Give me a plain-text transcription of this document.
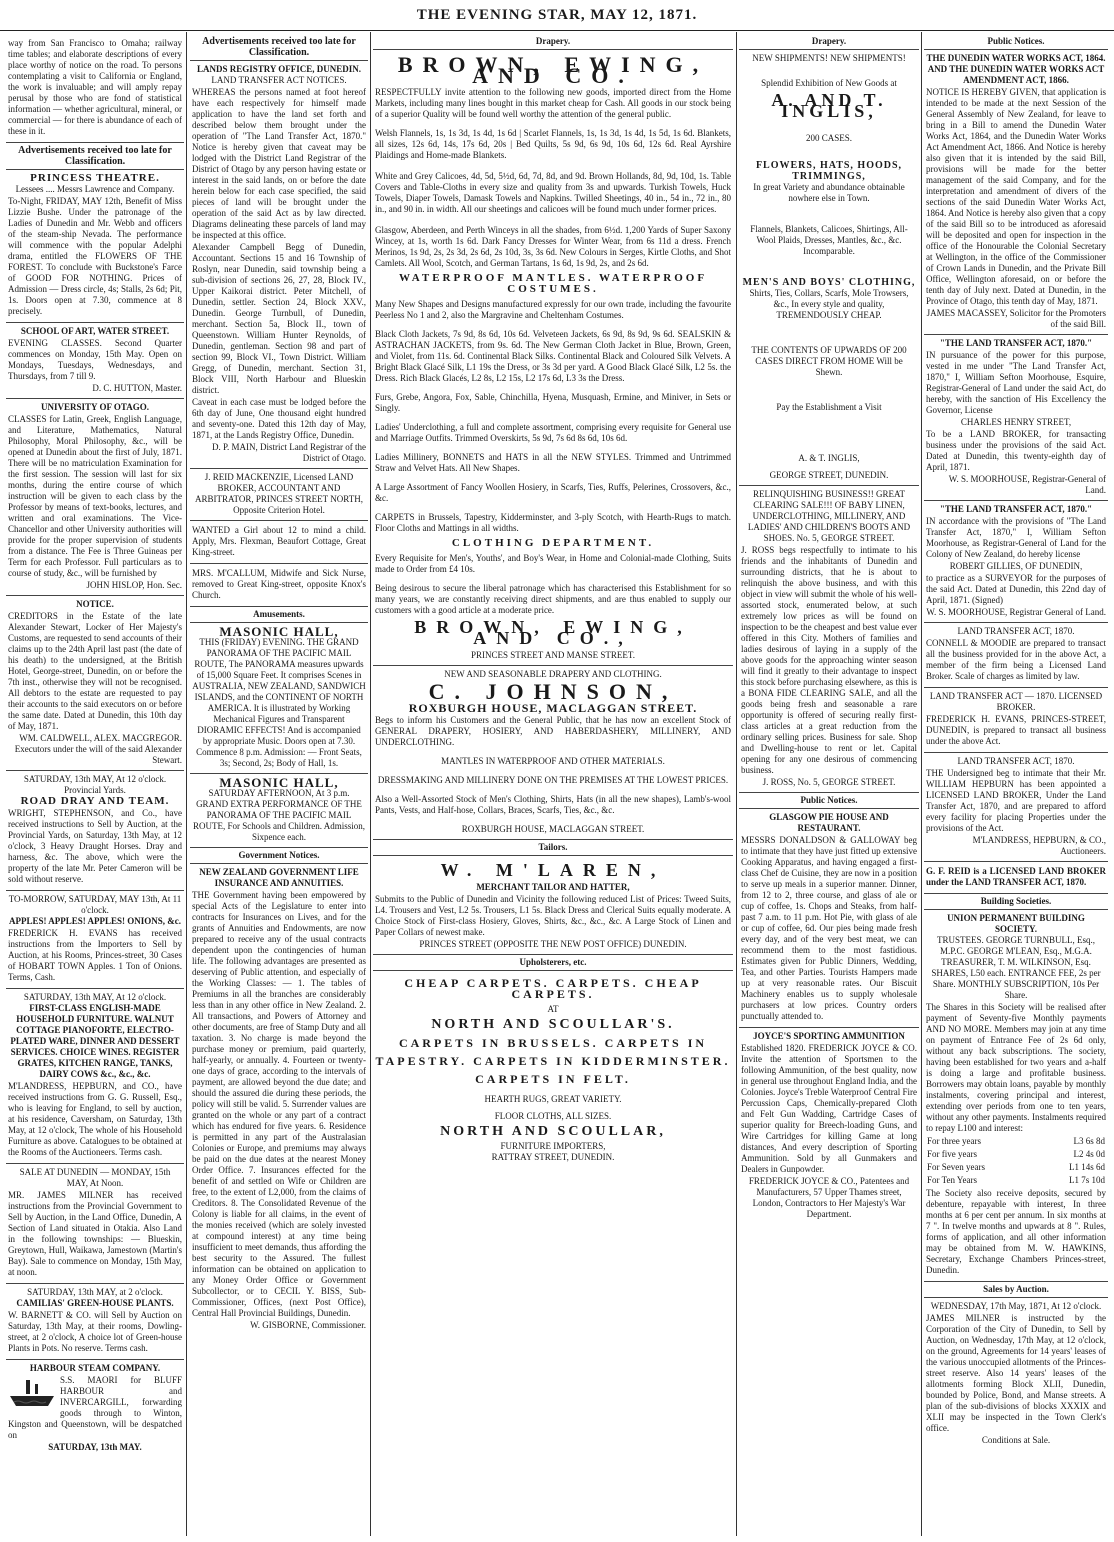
THE EVENING STAR, MAY 12, 1871.
way from San Francisco to Omaha; railway time tables; and elaborate descriptions of every place worthy of notice on the road. To persons contemplating a visit to California or England, the work is invaluable; and will amply repay perusal by those who are fond of statistical information — whether agricultural, mineral, or commercial — for there is abundance of each of these in it.
Advertisements received too late for Classification.
PRINCESS THEATRE.
Lessees .... Messrs Lawrence and Company.
To-Night, FRIDAY, MAY 12th, Benefit of Miss Lizzie Bushe. Under the patronage of the Ladies of Dunedin and Mr. Webb and officers of the steam-ship Nevada. The performance will commence with the popular Adelphi drama, entitled the FLOWERS OF THE FOREST. To conclude with Buckstone's Farce of GOOD FOR NOTHING. Prices of Admission — Dress circle, 4s; Stalls, 2s 6d; Pit, 1s. Doors open at 7.30, commence at 8 precisely.
SCHOOL OF ART, WATER STREET.
EVENING CLASSES. Second Quarter commences on Monday, 15th May. Open on Mondays, Tuesdays, Wednesdays, and Thursdays, from 7 till 9.
D. C. HUTTON, Master.
UNIVERSITY OF OTAGO.
CLASSES for Latin, Greek, English Language, and Literature, Mathematics, Natural Philosophy, Moral Philosophy, &c., will be opened at Dunedin about the first of July, 1871. There will be no matriculation Examination for the first session. The session will last for six months, during the entire course of which instruction will be given to each class by the Professor by means of text-books, lectures, and written and oral examinations. The Vice-Chancellor and other University authorities will provide for the proper supervision of students from a distance. The Fee is Three Guineas per Term for each Professor. Full particulars as to course of study, &c., will be furnished by
JOHN HISLOP, Hon. Sec.
NOTICE.
CREDITORS in the Estate of the late Alexander Stewart, Locker of Her Majesty's Customs, are requested to send accounts of their claims up to the 24th April last past (the date of his death) to the undersigned, at the British Hotel, George-street, Dunedin, on or before the 7th inst., otherwise they will not be recognised. All debtors to the estate are requested to pay their accounts to the said executors on or before the same date. Dated at Dunedin, this 10th day of May, 1871.
WM. CALDWELL, ALEX. MACGREGOR. Executors under the will of the said Alexander Stewart.
SATURDAY, 13th MAY, At 12 o'clock. Provincial Yards.
ROAD DRAY AND TEAM.
WRIGHT, STEPHENSON, and Co., have received instructions to Sell by Auction, at the Provincial Yards, on Saturday, 13th May, at 12 o'clock, 3 Heavy Draught Horses. Dray and harness, &c. The above, which were the property of the late Mr. Peter Cameron will be sold without reserve.
TO-MORROW, SATURDAY, MAY 13th, At 11 o'clock.
APPLES! APPLES! APPLES! ONIONS, &c.
FREDERICK H. EVANS has received instructions from the Importers to Sell by Auction, at his Rooms, Princes-street, 30 Cases of HOBART TOWN Apples. 1 Ton of Onions. Terms, Cash.
SATURDAY, 13th MAY, At 12 o'clock.
FIRST-CLASS ENGLISH-MADE HOUSEHOLD FURNITURE. WALNUT COTTAGE PIANOFORTE, ELECTRO-PLATED WARE, DINNER AND DESSERT SERVICES. CHOICE WINES. REGISTER GRATES, KITCHEN RANGE, TANKS, DAIRY COWS &c., &c., &c.
M'LANDRESS, HEPBURN, and CO., have received instructions from G. G. Russell, Esq., who is leaving for England, to sell by auction, at his residence, Caversham, on Saturday, 13th May, at 12 o'clock, The whole of his Household Furniture as above. Catalogues to be obtained at the Rooms of the Auctioneers. Terms cash.
SALE AT DUNEDIN — MONDAY, 15th MAY, At Noon.
MR. JAMES MILNER has received instructions from the Provincial Government to Sell by Auction, in the Land Office, Dunedin, A Section of Land situated in Otakia. Also Land in the following townships: — Blueskin, Greytown, Hull, Waikawa, Jamestown (Martin's Bay). Sale to commence on Monday, 15th May, at noon.
SATURDAY, 13th MAY, at 2 o'clock.
CAMILIAS' GREEN-HOUSE PLANTS.
W. BARNETT & CO. will Sell by Auction on Saturday, 13th May, at their rooms, Dowling-street, at 2 o'clock, A choice lot of Green-house Plants in Pots. No reserve. Terms cash.
HARBOUR STEAM COMPANY.
S.S. MAORI for BLUFF HARBOUR and INVERCARGILL, forwarding goods through to Winton, Kingston and Queenstown, will be despatched on
SATURDAY, 13th MAY.
Advertisements received too late for Classification.
LANDS REGISTRY OFFICE, DUNEDIN.
LAND TRANSFER ACT NOTICES.
WHEREAS the persons named at foot hereof have each respectively for himself made application to have the land set forth and described below them brought under the operation of "The Land Transfer Act, 1870." Notice is hereby given that caveat may be lodged with the District Land Registrar of the District of Otago by any person having estate or interest in the said lands, on or before the date herein below for each case specified, the said pieces of land will be brought under the operation of the said Act as by law directed. Diagrams delineating these parcels of land may be inspected at this office.
Alexander Campbell Begg of Dunedin, Accountant. Sections 15 and 16 Township of Roslyn, near Dunedin, said township being a sub-division of sections 26, 27, 28, Block IV., Upper Kaikorai district. Peter Mitchell, of Dunedin, settler. Section 24, Block XXV., Dunedin. George Turnbull, of Dunedin, merchant. Section 5a, Block II., town of Queenstown. William Hunter Reynolds, of Dunedin, gentleman. Section 98 and part of section 99, Block VI., Town District. William Gregg, of Dunedin, merchant. Section 31, Block VIII, North Harbour and Blueskin district.
Caveat in each case must be lodged before the 6th day of June, One thousand eight hundred and seventy-one. Dated this 12th day of May, 1871, at the Lands Registry Office, Dunedin.
D. P. MAIN, District Land Registrar of the District of Otago.
J. REID MACKENZIE, Licensed LAND BROKER, ACCOUNTANT AND ARBITRATOR, PRINCES STREET NORTH, Opposite Criterion Hotel.
WANTED a Girl about 12 to mind a child. Apply, Mrs. Flexman, Beaufort Cottage, Great King-street.
MRS. M'CALLUM, Midwife and Sick Nurse, removed to Great King-street, opposite Knox's Church.
Amusements.
MASONIC HALL,
THIS (FRIDAY) EVENING. THE GRAND PANORAMA OF THE PACIFIC MAIL ROUTE, The PANORAMA measures upwards of 15,000 Square Feet. It comprises Scenes in AUSTRALIA, NEW ZEALAND, SANDWICH ISLANDS, and the CONTINENT OF NORTH AMERICA. It is illustrated by Working Mechanical Figures and Transparent DIORAMIC EFFECTS! And is accompanied by appropriate Music. Doors open at 7.30. Commence 8 p.m. Admission: — Front Seats, 3s; Second, 2s; Body of Hall, 1s.
MASONIC HALL,
SATURDAY AFTERNOON, At 3 p.m. GRAND EXTRA PERFORMANCE OF THE PANORAMA OF THE PACIFIC MAIL ROUTE, For Schools and Children. Admission, Sixpence each.
Government Notices.
NEW ZEALAND GOVERNMENT LIFE INSURANCE AND ANNUITIES.
THE Government having been empowered by special Acts of the Legislature to enter into contracts for Insurances on Lives, and for the grants of Annuities and Endowments, are now prepared to receive any of the usual contracts dependent upon the contingencies of human life. The following advantages are presented as deserving of Public attention, and especially of the Working Classes: — 1. The tables of Premiums in all the branches are considerably less than in any other office in New Zealand. 2. All transactions, and Powers of Attorney and other documents, are free of Stamp Duty and all taxation. 3. No charge is made beyond the purchase money or premium, paid quarterly, half-yearly, or annually. 4. Fourteen or twenty-one days of grace, according to the intervals of payment, are allowed beyond the due date; and should the assured die during these periods, the policy will still be valid. 5. Surrender values are granted on the whole or any part of a contract which has endured for five years. 6. Residence is permitted in any part of the Australasian Colonies or Europe, and premiums may always be paid on the due dates at the nearest Money Order Office. 7. Insurances effected for the benefit of and settled on Wife or Children are free, to the extent of L2,000, from the claims of Creditors. 8. The Consolidated Revenue of the Colony is liable for all claims, in the event of the monies received (which are solely invested at compound interest) at any time being insufficient to meet demands, thus affording the best security to the Assured. The fullest information can be obtained on application to any Money Order Office or Government Subcollector, or to CECIL Y. BISS, Sub-Commissioner, Offices, (next Post Office), Central Hall Provincial Buildings, Dunedin.
W. GISBORNE, Commissioner.
Drapery.
BROWN, EWING, AND CO.
RESPECTFULLY invite attention to the following new goods, imported direct from the Home Markets, including many lines bought in this market cheap for Cash. All goods in our stock being of a superior Quality will be found well worthy the attention of the general public.
Welsh Flannels, 1s, 1s 3d, 1s 4d, 1s 6d | Scarlet Flannels, 1s, 1s 3d, 1s 4d, 1s 5d, 1s 6d. Blankets, all sizes, 12s 6d, 14s, 17s 6d, 20s | Bed Quilts, 5s 9d, 6s 9d, 10s 6d, 12s 6d. Real Ayrshire Plaidings and Home-made Blankets.
White and Grey Calicoes, 4d, 5d, 5½d, 6d, 7d, 8d, and 9d. Brown Hollands, 8d, 9d, 10d, 1s. Table Covers and Table-Cloths in every size and quality from 3s and upwards. Turkish Towels, Huck Towels, Diaper Towels, Damask Towels and Napkins. Twilled Sheetings, 40 in., 54 in., 72 in., 80 in., and 90 in. in width. All our sheetings and calicoes will be found much under former prices.
Glasgow, Aberdeen, and Perth Winceys in all the shades, from 6½d. 1,200 Yards of Super Saxony Wincey, at 1s, worth 1s 6d. Dark Fancy Dresses for Winter Wear, from 6s 11d a dress. French Merinos, 1s 9d, 2s, 2s 3d, 2s 6d, 2s 10d, 3s, 3s 6d. New Colours in Serges, Kirtle Cloths, and Shot Camlets. All Wool, Scotch, and German Tartans, 1s 6d, 1s 9d, 2s, and 2s 6d.
WATERPROOF MANTLES. WATERPROOF COSTUMES.
Many New Shapes and Designs manufactured expressly for our own trade, including the favourite Peerless No 1 and 2, also the Margravine and Cheltenham Costumes.
Black Cloth Jackets, 7s 9d, 8s 6d, 10s 6d. Velveteen Jackets, 6s 9d, 8s 9d, 9s 6d. SEALSKIN & ASTRACHAN JACKETS, from 9s. 6d. The New German Cloth Jacket in Blue, Brown, Green, and Violet, from 11s. 6d. Continental Black Silks. Continental Black and Coloured Silk Velvets. A Bright Black Glacé Silk, L1 19s the Dress, or 3s 3d per yard. A Good Black Glacé Silk, L2 5s. the Dress. Rich Black Glacés, L2 8s, L2 15s, L2 17s 6d, L3 3s the Dress.
Furs, Grebe, Angora, Fox, Sable, Chinchilla, Hyena, Musquash, Ermine, and Miniver, in Sets or Singly.
Ladies' Underclothing, a full and complete assortment, comprising every requisite for General use and Marriage Outfits. Trimmed Overskirts, 5s 9d, 7s 6d 8s 6d, 10s 6d.
Ladies Millinery, BONNETS and HATS in all the NEW STYLES. Trimmed and Untrimmed Straw and Velvet Hats. All New Shapes.
A Large Assortment of Fancy Woollen Hosiery, in Scarfs, Ties, Ruffs, Pelerines, Crossovers, &c., &c.
CARPETS in Brussels, Tapestry, Kidderminster, and 3-ply Scotch, with Hearth-Rugs to match. Floor Cloths and Mattings in all widths.
CLOTHING DEPARTMENT.
Every Requisite for Men's, Youths', and Boy's Wear, in Home and Colonial-made Clothing, Suits made to Order from £4 10s.
Being desirous to secure the liberal patronage which has characterised this Establishment for so many years, we are constantly receiving direct shipments, and are thus enabled to supply our customers with a good article at a moderate price.
BROWN, EWING, AND CO.,
PRINCES STREET AND MANSE STREET.
NEW AND SEASONABLE DRAPERY AND CLOTHING.
C. JOHNSON,
ROXBURGH HOUSE, MACLAGGAN STREET.
Begs to inform his Customers and the General Public, that he has now an excellent Stock of GENERAL DRAPERY, HOSIERY, AND HABERDASHERY, MILLINERY, AND UNDERCLOTHING.
MANTLES IN WATERPROOF AND OTHER MATERIALS.
DRESSMAKING AND MILLINERY DONE ON THE PREMISES AT THE LOWEST PRICES.
Also a Well-Assorted Stock of Men's Clothing, Shirts, Hats (in all the new shapes), Lamb's-wool Pants, Vests, and Half-hose, Collars, Braces, Scarfs, Ties, &c., &c.
ROXBURGH HOUSE, MACLAGGAN STREET.
Tailors.
W. M'LAREN,
MERCHANT TAILOR AND HATTER,
Submits to the Public of Dunedin and Vicinity the following reduced List of Prices: Tweed Suits, L4. Trousers and Vest, L2 5s. Trousers, L1 5s. Black Dress and Clerical Suits equally moderate. A Choice Stock of First-class Hosiery, Gloves, Shirts, &c., &c., &c. A Large Stock of Linen and Paper Collars of newest make.
PRINCES STREET (OPPOSITE THE NEW POST OFFICE) DUNEDIN.
Upholsterers, etc.
CHEAP CARPETS. CARPETS. CHEAP CARPETS.
AT
NORTH AND SCOULLAR'S.
CARPETS IN BRUSSELS. CARPETS IN TAPESTRY. CARPETS IN KIDDERMINSTER. CARPETS IN FELT.
HEARTH RUGS, GREAT VARIETY.
FLOOR CLOTHS, ALL SIZES.
NORTH AND SCOULLAR,
FURNITURE IMPORTERS,
RATTRAY STREET, DUNEDIN.
Drapery.
NEW SHIPMENTS! NEW SHIPMENTS!
Splendid Exhibition of New Goods at
A. AND T. INGLIS,
200 CASES.
FLOWERS, HATS, HOODS, TRIMMINGS,
In great Variety and abundance obtainable nowhere else in Town.
Flannels, Blankets, Calicoes, Shirtings, All-Wool Plaids, Dresses, Mantles, &c., &c. Incomparable.
MEN'S AND BOYS' CLOTHING,
Shirts, Ties, Collars, Scarfs, Mole Trowsers, &c., In every style and quality, TREMENDOUSLY CHEAP.
THE CONTENTS OF UPWARDS OF 200 CASES DIRECT FROM HOME Will be Shewn.
Pay the Establishment a Visit
A. & T. INGLIS,
GEORGE STREET, DUNEDIN.
RELINQUISHING BUSINESS!! GREAT CLEARING SALE!!! OF BABY LINEN, UNDERCLOTHING, MILLINERY, AND LADIES' AND CHILDREN'S BOOTS AND SHOES. No. 5, GEORGE STREET.
J. ROSS begs respectfully to intimate to his friends and the inhabitants of Dunedin and surrounding districts, that he is about to relinquish the above business, and with this object in view will submit the whole of his well-assorted stock, enumerated below, at such extremely low prices as will be found on inspection to be the cheapest and best value ever offered in this City. Mothers of families and ladies desirous of laying in a supply of the above goods for the approaching winter season will find it greatly to their advantage to inspect this stock before purchasing elsewhere, as this is a BONA FIDE CLEARING SALE, and all the goods being fresh and seasonable a rare opportunity is offered of securing really first-class articles at a great reduction from the ordinary selling prices. Business for sale. Shop and Dwelling-house to rent or let. Capital opening for any one desirous of commencing business.
J. ROSS, No. 5, GEORGE STREET.
Public Notices.
GLASGOW PIE HOUSE AND RESTAURANT.
MESSRS DONALDSON & GALLOWAY beg to intimate that they have just fitted up extensive Cooking Apparatus, and having engaged a first-class Chef de Cuisine, they are now in a position to serve up meals in a superior manner. Dinner, from 12 to 2, three course, and glass of ale or cup of coffee, 1s. Chops and Steaks, from half-past 7 a.m. to 11 p.m. Hot Pie, with glass of ale or cup of coffee, 6d. Our pies being made fresh every day, and of the very best meat, we can recommend them to the most fastidious. Estimates given for Public Dinners, Wedding, Tea, and other Parties. Tourists Hampers made up at very reasonable rates. Our Biscuit Machinery enables us to supply wholesale purchasers at low prices. Country orders punctually attended to.
JOYCE'S SPORTING AMMUNITION
Established 1820. FREDERICK JOYCE & CO. Invite the attention of Sportsmen to the following Ammunition, of the best quality, now in general use throughout England India, and the Colonies. Joyce's Treble Waterproof Central Fire Percussion Caps, Chemically-prepared Cloth and Felt Gun Wadding, Cartridge Cases of superior quality for Breech-loading Guns, and Wire Cartridges for killing Game at long distances, And every description of Sporting Ammunition. Sold by all Gunmakers and Dealers in Gunpowder.
FREDERICK JOYCE & CO., Patentees and Manufacturers, 57 Upper Thames street, London, Contractors to Her Majesty's War Department.
Public Notices.
THE DUNEDIN WATER WORKS ACT, 1864. AND THE DUNEDIN WATER WORKS ACT AMENDMENT ACT, 1866.
NOTICE IS HEREBY GIVEN, that application is intended to be made at the next Session of the General Assembly of New Zealand, for leave to bring in a Bill to amend the Dunedin Water Works Act, 1864, and the Dunedin Water Works Act Amendment Act, 1866. And Notice is hereby also given that it is intended by the said Bill, provisions will be made for the better management of the said Company, and for the interpretation and amendment of divers of the sections of the said Dunedin Water Works Act, 1864. And Notice is hereby also given that a copy of the said Bill so to be introduced as aforesaid will be deposited and open for inspection in the office of the Honourable the Colonial Secretary at Wellington, in the office of the Commissioner of Crown Lands in Dunedin, and the Private Bill Office, Wellington aforesaid, on or before the tenth day of July next. Dated at Dunedin, in the Province of Otago, this tenth day of May, 1871.
JAMES MACASSEY, Solicitor for the Promoters of the said Bill.
"THE LAND TRANSFER ACT, 1870."
IN pursuance of the power for this purpose, vested in me under "The Land Transfer Act, 1870," I, William Sefton Moorhouse, Esquire, Registrar-General of Land under the said Act, do hereby, with the sanction of His Excellency the Governor, License
CHARLES HENRY STREET,
To be a LAND BROKER, for transacting business under the provisions of the said Act. Dated at Dunedin, this twenty-eighth day of April, 1871.
W. S. MOORHOUSE, Registrar-General of Land.
"THE LAND TRANSFER ACT, 1870."
IN accordance with the provisions of "The Land Transfer Act, 1870," I, William Sefton Moorhouse, as Registrar-General of Land for the Colony of New Zealand, do hereby license
ROBERT GILLIES, OF DUNEDIN,
to practice as a SURVEYOR for the purposes of the said Act. Dated at Dunedin, this 22nd day of April, 1871. (Signed)
W. S. MOORHOUSE, Registrar General of Land.
LAND TRANSFER ACT, 1870.
CONNELL & MOODIE are prepared to transact all the business provided for in the above Act, a member of the firm being a Licensed Land Broker. Scale of charges as limited by law.
LAND TRANSFER ACT — 1870. LICENSED BROKER.
FREDERICK H. EVANS, PRINCES-STREET, DUNEDIN, is prepared to transact all business under the above Act.
LAND TRANSFER ACT, 1870.
THE Undersigned beg to intimate that their Mr. WILLIAM HEPBURN has been appointed a LICENSED LAND BROKER, Under the Land Transfer Act, 1870, and are prepared to afford every facility for placing Properties under the provisions of the Act.
M'LANDRESS, HEPBURN, & CO., Auctioneers.
G. F. REID is a LICENSED LAND BROKER under the LAND TRANSFER ACT, 1870.
Building Societies.
UNION PERMANENT BUILDING SOCIETY.
TRUSTEES. GEORGE TURNBULL, Esq., M.P.C. GEORGE M'LEAN, Esq., M.G.A. TREASURER, T. M. WILKINSON, Esq.
SHARES, L50 each. ENTRANCE FEE, 2s per Share. MONTHLY SUBSCRIPTION, 10s Per Share.
The Shares in this Society will be realised after payment of Seventy-five Monthly payments AND NO MORE. Members may join at any time on payment of Entrance Fee of 2s 6d only, without any back subscriptions. The society, having been established for two years and a-half is doing a large and profitable business. Borrowers may obtain loans, payable by monthly instalments, covering principal and interest, extending over periods from one to ten years, without any other payments. Instalments required to repay L100 and interest:
For three years	L3 6s 8d
For five years	L2 4s 0d
For Seven years	L1 14s 6d
For Ten Years	L1 7s 10d
The Society also receive deposits, secured by debenture, repayable with interest, In three months at 6 per cent per annum. In six months at 7 ". In twelve months and upwards at 8 ". Rules, forms of application, and all other information may be obtained from M. W. HAWKINS, Secretary, Exchange Chambers Princes-street, Dunedin.
Sales by Auction.
WEDNESDAY, 17th May, 1871, At 12 o'clock.
JAMES MILNER is instructed by the Corporation of the City of Dunedin, to Sell by Auction, on Wednesday, 17th May, at 12 o'clock, on the ground, Agreements for 14 years' leases of the various unoccupied allotments of the Princes-street reserve. Also 14 years' leases of the allotments forming Block XLII, Dunedin, bounded by Police, Bond, and Manse streets. A plan of the sub-divisions of blocks XXXIX and XLII may be inspected in the Town Clerk's office.
Conditions at Sale.
